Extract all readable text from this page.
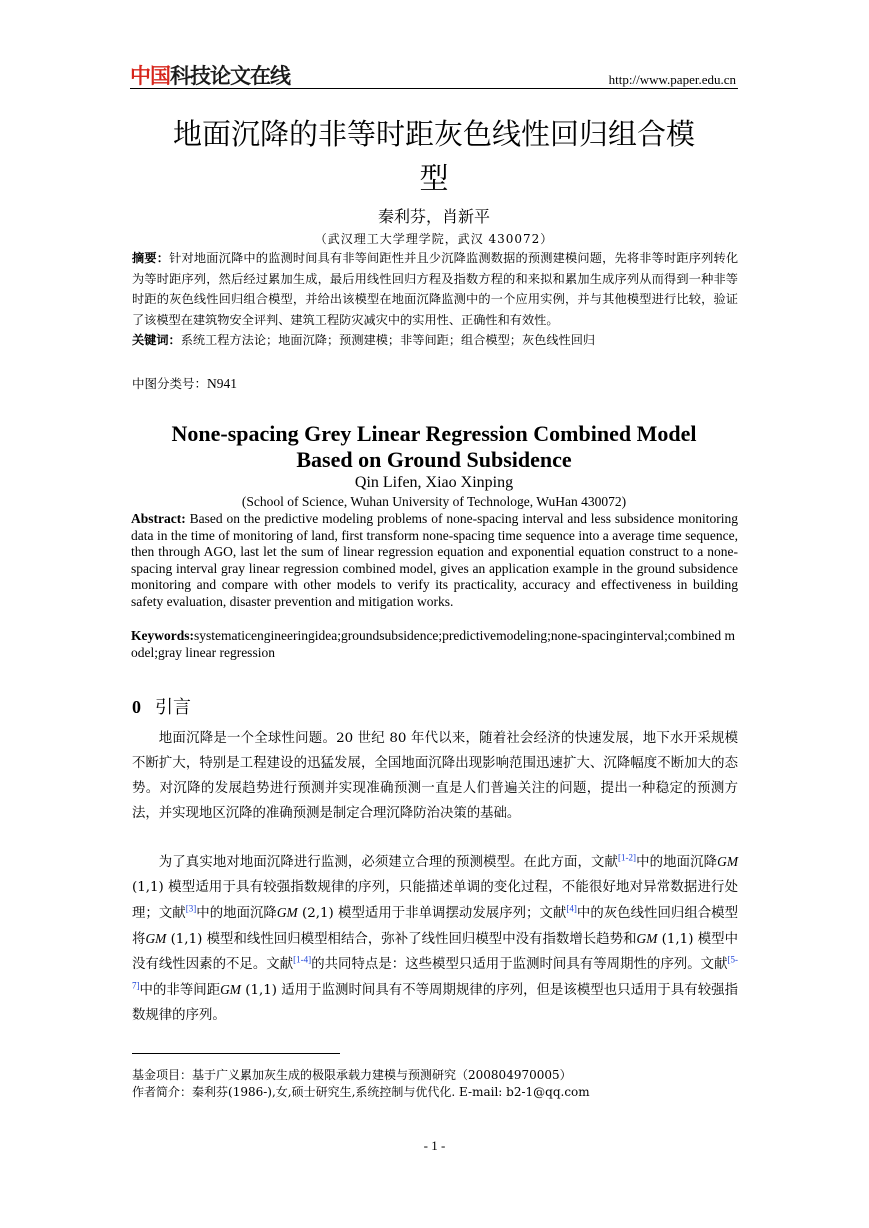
中国科技论文在线	http://www.paper.edu.cn
地面沉降的非等时距灰色线性回归组合模
型
秦利芬，肖新平
（武汉理工大学理学院，武汉 430072）
摘要：针对地面沉降中的监测时间具有非等间距性并且少沉降监测数据的预测建模问题，先将非等时距序列转化为等时距序列，然后经过累加生成，最后用线性回归方程及指数方程的和来拟和累加生成序列从而得到一种非等时距的灰色线性回归组合模型，并给出该模型在地面沉降监测中的一个应用实例，并与其他模型进行比较，验证了该模型在建筑物安全评判、建筑工程防灾减灾中的实用性、正确性和有效性。
关键词：系统工程方法论；地面沉降；预测建模；非等间距；组合模型；灰色线性回归
中图分类号：N941
None-spacing Grey Linear Regression Combined Model
Based on Ground Subsidence
Qin Lifen, Xiao Xinping
(School of Science, Wuhan University of Technologe, WuHan 430072)
Abstract: Based on the predictive modeling problems of none-spacing interval and less subsidence monitoring data in the time of monitoring of land, first transform none-spacing time sequence into a average time sequence, then through AGO, last let the sum of linear regression equation and exponential equation construct to a none-spacing interval gray linear regression combined model, gives an application example in the ground subsidence monitoring and compare with other models to verify its practicality, accuracy and effectiveness in building safety evaluation, disaster prevention and mitigation works.
Keywords:systematicengineeringidea;groundsubsidence;predictivemodeling;none-spacinginterval;combined model;gray linear regression
0 引言

地面沉降是一个全球性问题。20 世纪 80 年代以来，随着社会经济的快速发展，地下水开采规模不断扩大，特别是工程建设的迅猛发展，全国地面沉降出现影响范围迅速扩大、沉降幅度不断加大的态势。对沉降的发展趋势进行预测并实现准确预测一直是人们普遍关注的问题，提出一种稳定的预测方法，并实现地区沉降的准确预测是制定合理沉降防治决策的基础。

为了真实地对地面沉降进行监测，必须建立合理的预测模型。在此方面，文献[1-2]中的地面沉降GM (1,1) 模型适用于具有较强指数规律的序列，只能描述单调的变化过程，不能很好地对异常数据进行处理；文献[3]中的地面沉降GM (2,1) 模型适用于非单调摆动发展序列；文献[4]中的灰色线性回归组合模型将GM (1,1) 模型和线性回归模型相结合，弥补了线性回归模型中没有指数增长趋势和GM (1,1) 模型中没有线性因素的不足。文献[1-4]的共同特点是：这些模型只适用于监测时间具有等周期性的序列。文献[5-7]中的非等间距GM (1,1) 适用于监测时间具有不等周期规律的序列，但是该模型也只适用于具有较强指数规律的序列。

基金项目：基于广义累加灰生成的极限承载力建模与预测研究（200804970005）
作者简介：秦利芬(1986-),女,硕士研究生,系统控制与优代化. E-mail: b2-1@qq.com
- 1 -
